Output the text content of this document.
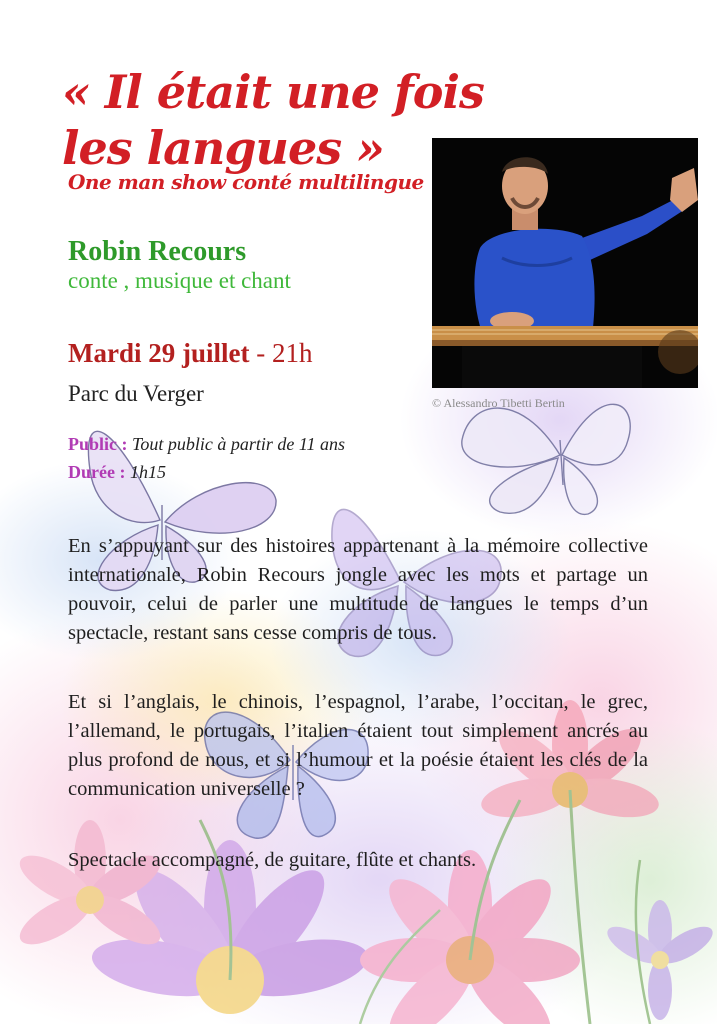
« Il était une fois
les langues »
One man show conté multilingue
Robin Recours
conte , musique et chant
© Alessandro Tibetti Bertin
Mardi 29 juillet - 21h
Parc du Verger
Public : Tout public à partir de 11 ans
Durée : 1h15

En s’appuyant sur des histoires appartenant à la mémoire collective internationale, Robin Recours jongle avec les mots et partage un pouvoir, celui de parler une multitude de langues le temps d’un spectacle, restant sans cesse compris de tous.

Et si l’anglais, le chinois, l’espagnol, l’arabe, l’occitan, le grec, l’allemand, le portugais, l’italien étaient tout simplement ancrés au plus profond de nous, et si l’humour et la poésie étaient les clés de la communication universelle ?

Spectacle accompagné, de guitare, flûte et chants.
